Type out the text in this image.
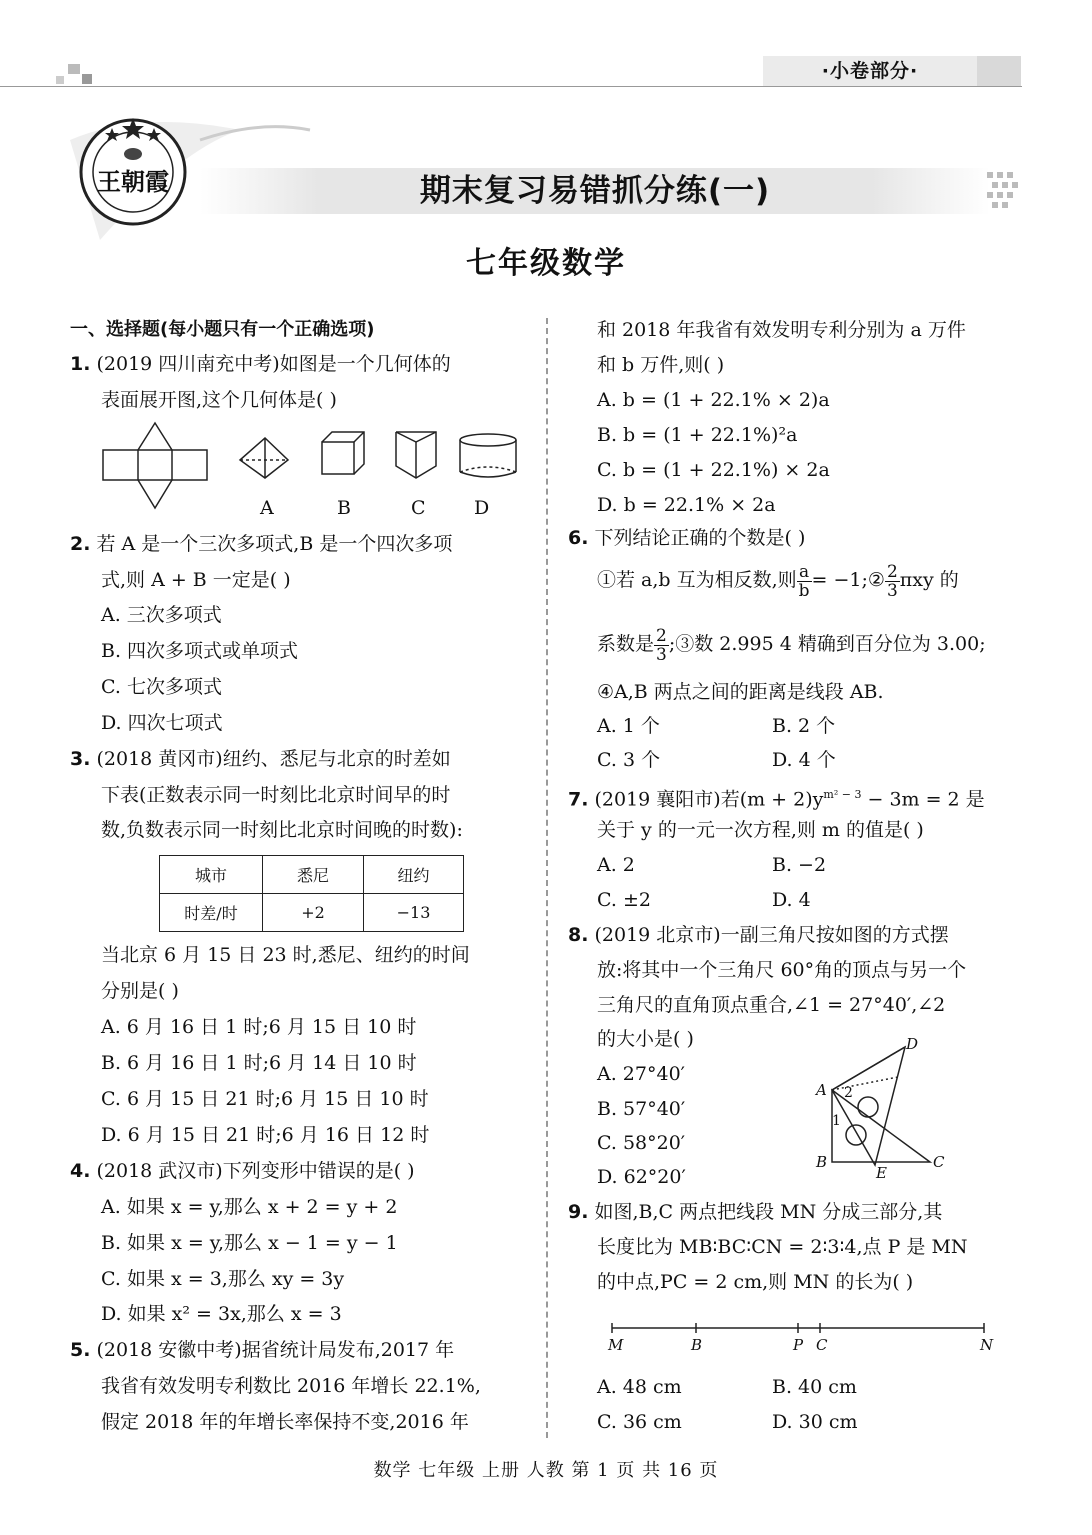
·小卷部分·
王朝霞	期末复习易错抓分练(一)
七年级数学
一、选择题(每小题只有一个正确选项)
1. (2019 四川南充中考)如图是一个几何体的
表面展开图,这个几何体是( )
A	B	C	D
2. 若 A 是一个三次多项式,B 是一个四次多项
式,则 A + B 一定是( )
A. 三次多项式
B. 四次多项式或单项式
C. 七次多项式
D. 四次七项式
3. (2018 黄冈市)纽约、悉尼与北京的时差如
下表(正数表示同一时刻比北京时间早的时
数,负数表示同一时刻比北京时间晚的时数):
城市	悉尼	纽约
时差/时	+2	−13
当北京 6 月 15 日 23 时,悉尼、纽约的时间
分别是( )
A. 6 月 16 日 1 时;6 月 15 日 10 时
B. 6 月 16 日 1 时;6 月 14 日 10 时
C. 6 月 15 日 21 时;6 月 15 日 10 时
D. 6 月 15 日 21 时;6 月 16 日 12 时
4. (2018 武汉市)下列变形中错误的是( )
A. 如果 x = y,那么 x + 2 = y + 2
B. 如果 x = y,那么 x − 1 = y − 1
C. 如果 x = 3,那么 xy = 3y
D. 如果 x² = 3x,那么 x = 3
5. (2018 安徽中考)据省统计局发布,2017 年
我省有效发明专利数比 2016 年增长 22.1%,
假定 2018 年的年增长率保持不变,2016 年
和 2018 年我省有效发明专利分别为 a 万件
和 b 万件,则( )
A. b = (1 + 22.1% × 2)a
B. b = (1 + 22.1%)²a
C. b = (1 + 22.1%) × 2a
D. b = 22.1% × 2a
6. 下列结论正确的个数是( )
①若 a,b 互为相反数,则 $\frac{a}{b}$ = −1;② $\frac{2}{3}$ πxy 的
系数是 $\frac{2}{3}$ ;③数 2.995 4 精确到百分位为 3.00;
④A,B 两点之间的距离是线段 AB.
A. 1 个	B. 2 个
C. 3 个	D. 4 个
7. (2019 襄阳市)若$(m + 2)y^{m^2 - 3} - 3m = 2$ 是
关于 y 的一元一次方程,则 m 的值是( )
A. 2	B. −2
C. ±2	D. 4
8. (2019 北京市)一副三角尺按如图的方式摆
放:将其中一个三角尺 60°角的顶点与另一个
三角尺的直角顶点重合,∠1 = 27°40′,∠2
的大小是( )
A. 27°40′
B. 57°40′
C. 58°20′
D. 62°20′
D
A
B
E
C
2
1
9. 如图,B,C 两点把线段 MN 分成三部分,其
长度比为 MB∶BC∶CN = 2∶3∶4,点 P 是 MN
的中点,PC = 2 cm,则 MN 的长为( )
M	B	P C	N
A. 48 cm	B. 40 cm
C. 36 cm	D. 30 cm
数学 七年级 上册 人教 第 1 页 共 16 页
